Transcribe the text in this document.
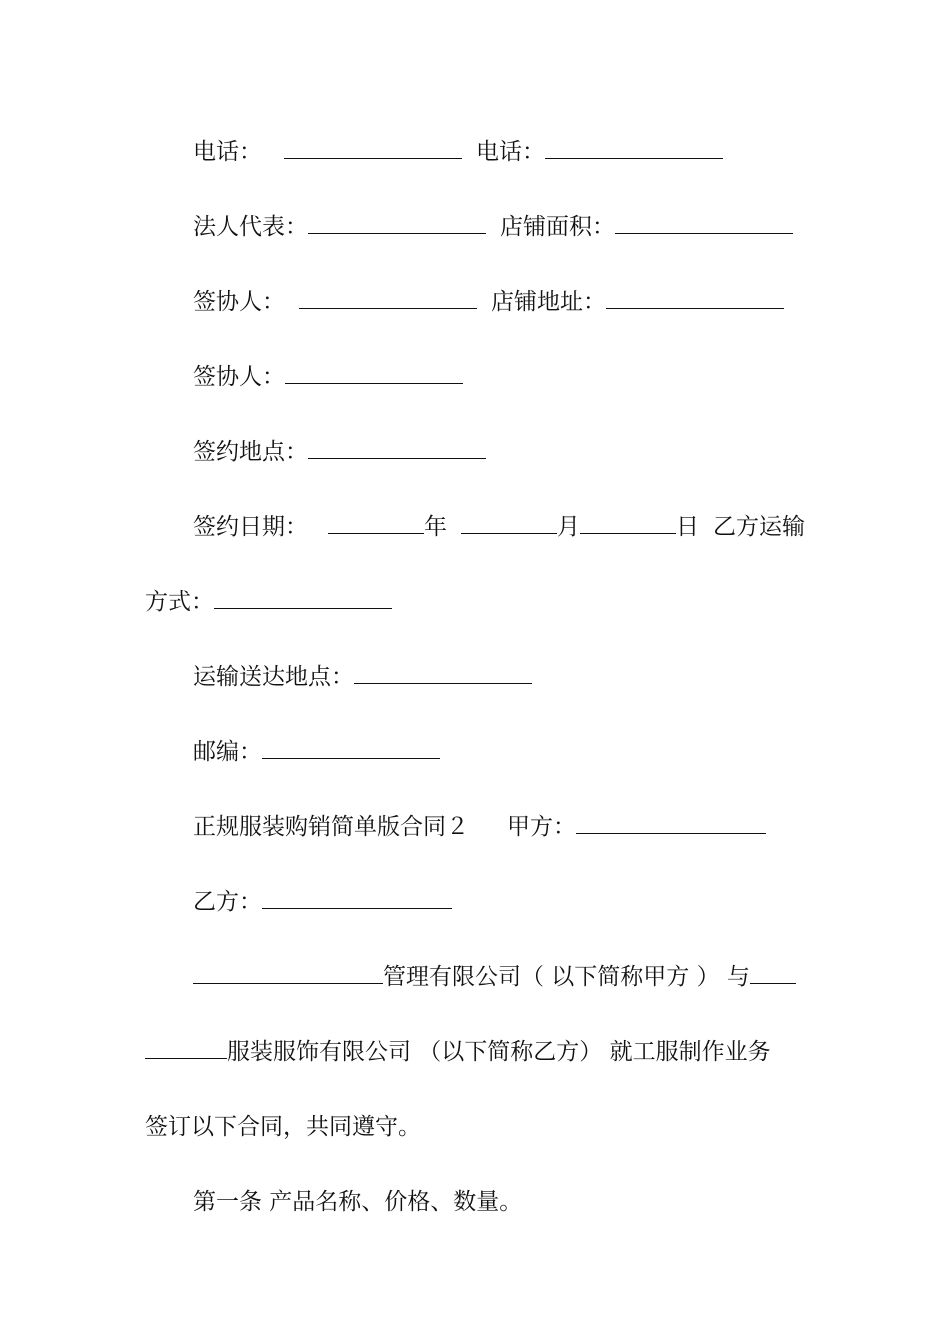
电话：	电话：
法人代表：	店铺面积：
签协人：	店铺地址：
签协人：
签约地点：
签约日期：	年	月	日 乙方运输
方式：
运输送达地点：
邮编：
正规服装购销简单版合同２ 甲方：
乙方：
管理有限公司（ 以下简称甲方 ） 与
服装服饰有限公司 （以下简称乙方） 就工服制作业务
签订以下合同，共同遵守。
第一条 产品名称、价格、数量。
